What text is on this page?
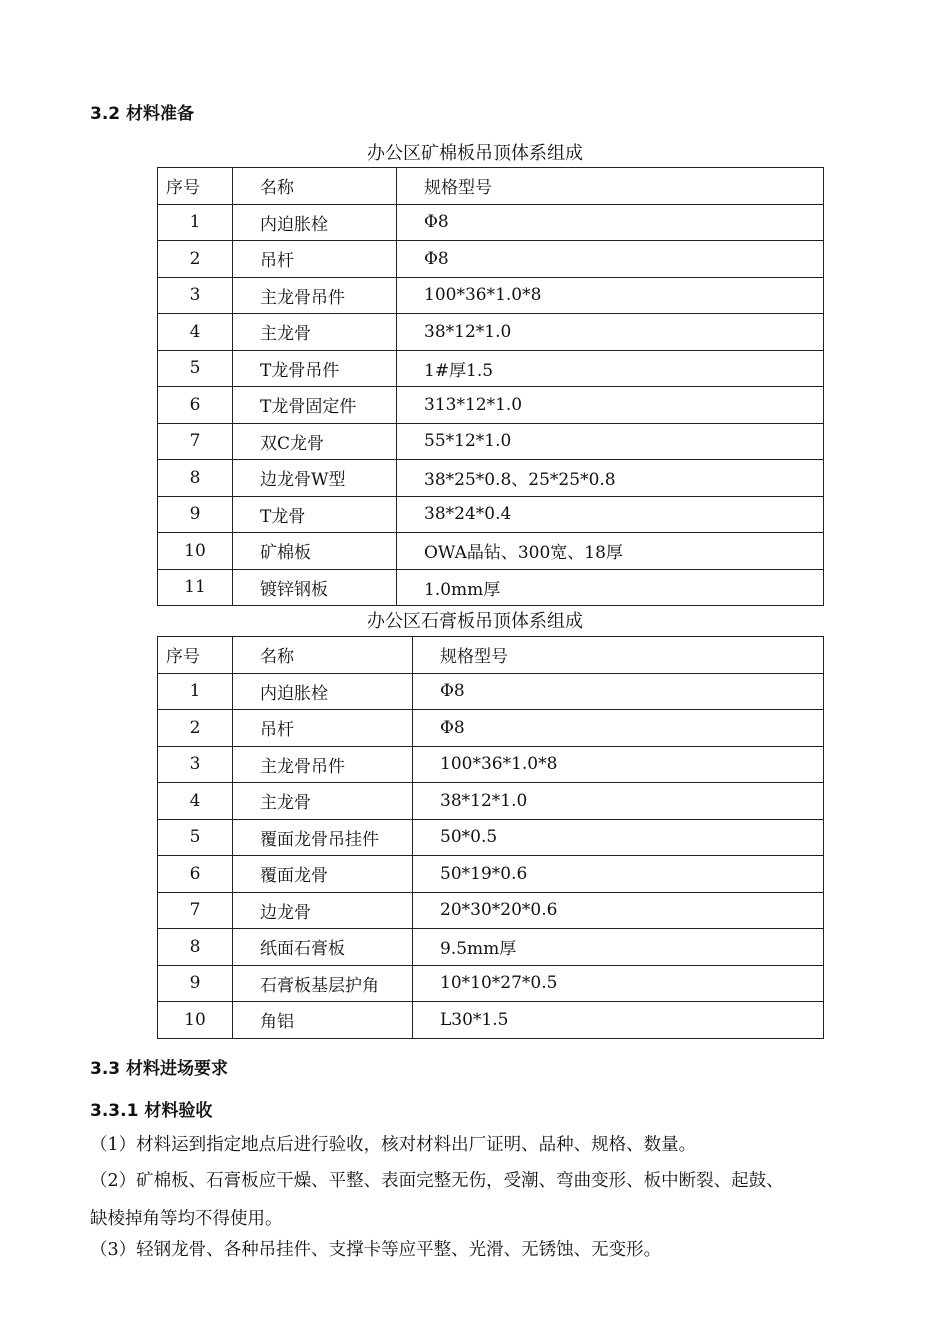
3.2 材料准备
办公区矿棉板吊顶体系组成
序号	名称	规格型号
1	内迫胀栓	Φ8
2	吊杆	Φ8
3	主龙骨吊件	100*36*1.0*8
4	主龙骨	38*12*1.0
5	T龙骨吊件	1#厚1.5
6	T龙骨固定件	313*12*1.0
7	双C龙骨	55*12*1.0
8	边龙骨W型	38*25*0.8、25*25*0.8
9	T龙骨	38*24*0.4
10	矿棉板	OWA晶钻、300宽、18厚
11	镀锌钢板	1.0mm厚
办公区石膏板吊顶体系组成
序号	名称	规格型号
1	内迫胀栓	Φ8
2	吊杆	Φ8
3	主龙骨吊件	100*36*1.0*8
4	主龙骨	38*12*1.0
5	覆面龙骨吊挂件	50*0.5
6	覆面龙骨	50*19*0.6
7	边龙骨	20*30*20*0.6
8	纸面石膏板	9.5mm厚
9	石膏板基层护角	10*10*27*0.5
10	角铝	L30*1.5
3.3 材料进场要求
3.3.1 材料验收
（1）材料运到指定地点后进行验收，核对材料出厂证明、品种、规格、数量。
（2）矿棉板、石膏板应干燥、平整、表面完整无伤，受潮、弯曲变形、板中断裂、起鼓、
缺棱掉角等均不得使用。
（3）轻钢龙骨、各种吊挂件、支撑卡等应平整、光滑、无锈蚀、无变形。
